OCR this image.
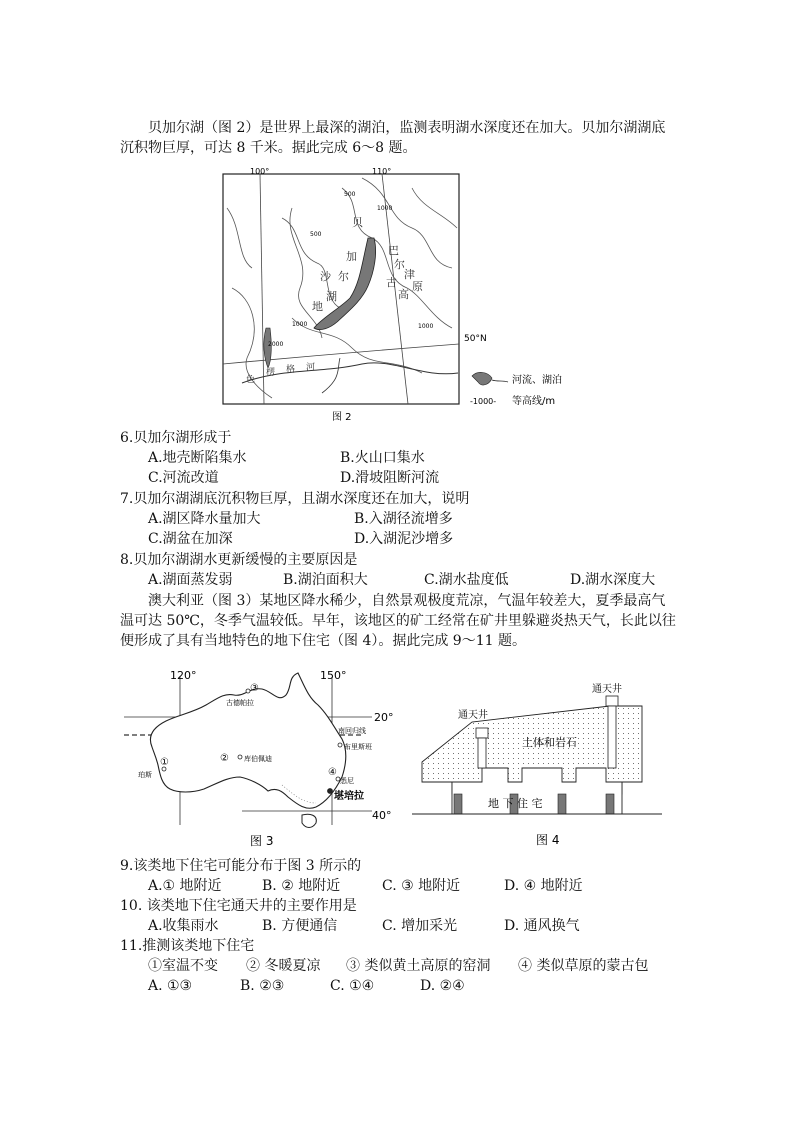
贝加尔湖（图 2）是世界上最深的湖泊，监测表明湖水深度还在加大。贝加尔湖湖底
沉积物巨厚，可达 8 千米。据此完成 6～8 题。
100°	110°
50°N
500
500
1000
1000
1000
2000
贝
加
尔
湖
沙
地
巴
尔
古
津
高
原
色
楞 格 河
河流、湖泊
-1000- 等高线/m
图 2
6.贝加尔湖形成于
A.地壳断陷集水	B.火山口集水
C.河流改道	D.滑坡阻断河流
7.贝加尔湖湖底沉积物巨厚，且湖水深度还在加大，说明
A.湖区降水量加大	B.入湖径流增多
C.湖盆在加深	D.入湖泥沙增多
8.贝加尔湖湖水更新缓慢的主要原因是
A.湖面蒸发弱	B.湖泊面积大	C.湖水盐度低	D.湖水深度大
澳大利亚（图 3）某地区降水稀少，自然景观极度荒凉，气温年较差大，夏季最高气
温可达 50℃，冬季气温较低。早年，该地区的矿工经常在矿井里躲避炎热天气，长此以往
便形成了具有当地特色的地下住宅（图 4）。据此完成 9～11 题。
120°	150°
20°
40°
①	②
③
④
古德帕拉
珀斯
库伯佩迪
南回归线
布里斯班
悉尼
堪培拉
图 3
通天井
通天井
土体和岩石
地 下 住 宅
图 4
9.该类地下住宅可能分布于图 3 所示的
A.① 地附近	B. ② 地附近	C. ③ 地附近	D. ④ 地附近
10. 该类地下住宅通天井的主要作用是
A.收集雨水	B. 方便通信	C. 增加采光	D. 通风换气
11.推测该类地下住宅
①室温不变 ② 冬暖夏凉 ③ 类似黄土高原的窑洞 ④ 类似草原的蒙古包
A. ①③	B. ②③	C. ①④	D. ②④
